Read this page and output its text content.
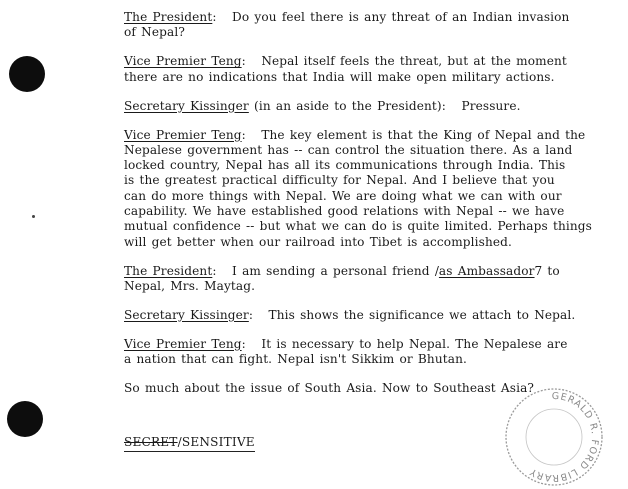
The President: Do you feel there is any threat of an Indian invasion
of Nepal?

Vice Premier Teng: Nepal itself feels the threat, but at the moment
there are no indications that India will make open military actions.

Secretary Kissinger (in an aside to the President): Pressure.

Vice Premier Teng: The key element is that the King of Nepal and the
Nepalese government has -- can control the situation there. As a land
locked country, Nepal has all its communications through India. This
is the greatest practical difficulty for Nepal. And I believe that you
can do more things with Nepal. We are doing what we can with our
capability. We have established good relations with Nepal -- we have
mutual confidence -- but what we can do is quite limited. Perhaps things
will get better when our railroad into Tibet is accomplished.

The President: I am sending a personal friend /as Ambassador7 to
Nepal, Mrs. Maytag.

Secretary Kissinger: This shows the significance we attach to Nepal.

Vice Premier Teng: It is necessary to help Nepal. The Nepalese are
a nation that can fight. Nepal isn't Sikkim or Bhutan.

So much about the issue of South Asia. Now to Southeast Asia?

SECRET/SENSITIVE
GERALD R. FORD LIBRARY
